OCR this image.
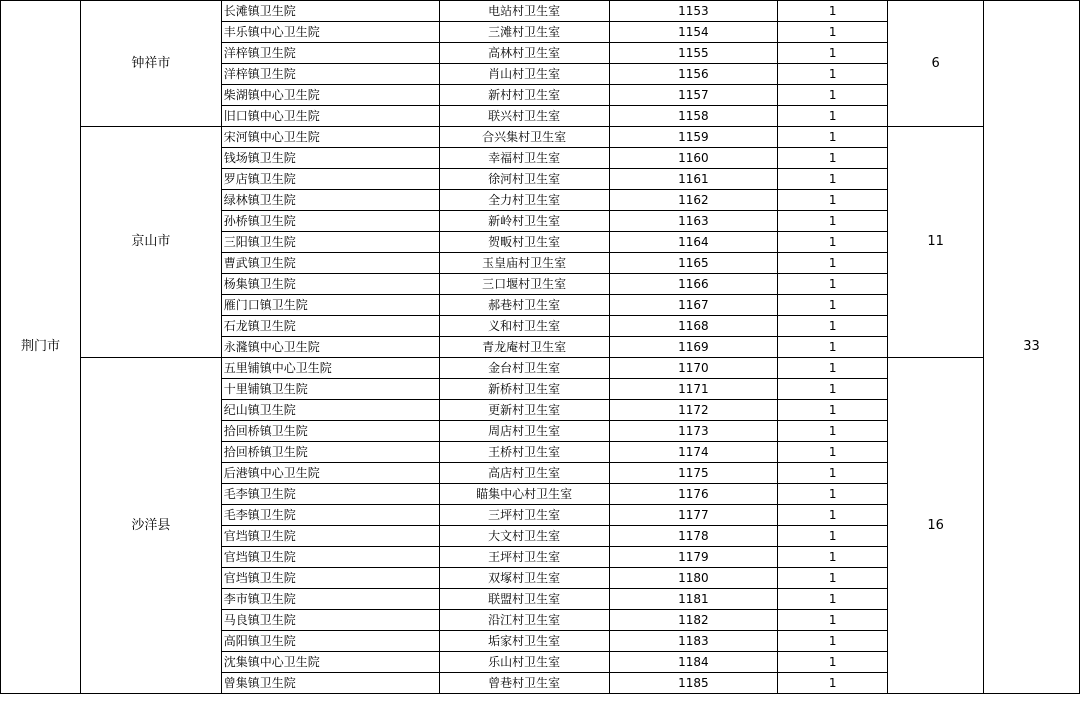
荆门市	钟祥市	长滩镇卫生院	电站村卫生室	1153	1	6	33
		丰乐镇中心卫生院	三滩村卫生室	1154	1		
		洋梓镇卫生院	高林村卫生室	1155	1		
		洋梓镇卫生院	肖山村卫生室	1156	1		
		柴湖镇中心卫生院	新村村卫生室	1157	1		
		旧口镇中心卫生院	联兴村卫生室	1158	1		
	京山市	宋河镇中心卫生院	合兴集村卫生室	1159	1	11	
		钱场镇卫生院	幸福村卫生室	1160	1		
		罗店镇卫生院	徐河村卫生室	1161	1		
		绿林镇卫生院	全力村卫生室	1162	1		
		孙桥镇卫生院	新岭村卫生室	1163	1		
		三阳镇卫生院	贺畈村卫生室	1164	1		
		曹武镇卫生院	玉皇庙村卫生室	1165	1		
		杨集镇卫生院	三口堰村卫生室	1166	1		
		雁门口镇卫生院	郝巷村卫生室	1167	1		
		石龙镇卫生院	义和村卫生室	1168	1		
		永漋镇中心卫生院	青龙庵村卫生室	1169	1		
	沙洋县	五里铺镇中心卫生院	金台村卫生室	1170	1	16	
		十里铺镇卫生院	新桥村卫生室	1171	1		
		纪山镇卫生院	更新村卫生室	1172	1		
		拾回桥镇卫生院	周店村卫生室	1173	1		
		拾回桥镇卫生院	王桥村卫生室	1174	1		
		后港镇中心卫生院	高店村卫生室	1175	1		
		毛李镇卫生院	瞄集中心村卫生室	1176	1		
		毛李镇卫生院	三坪村卫生室	1177	1		
		官垱镇卫生院	大文村卫生室	1178	1		
		官垱镇卫生院	王坪村卫生室	1179	1		
		官垱镇卫生院	双塚村卫生室	1180	1		
		李市镇卫生院	联盟村卫生室	1181	1		
		马良镇卫生院	沿江村卫生室	1182	1		
		高阳镇卫生院	垢家村卫生室	1183	1		
		沈集镇中心卫生院	乐山村卫生室	1184	1		
		曾集镇卫生院	曾巷村卫生室	1185	1		
